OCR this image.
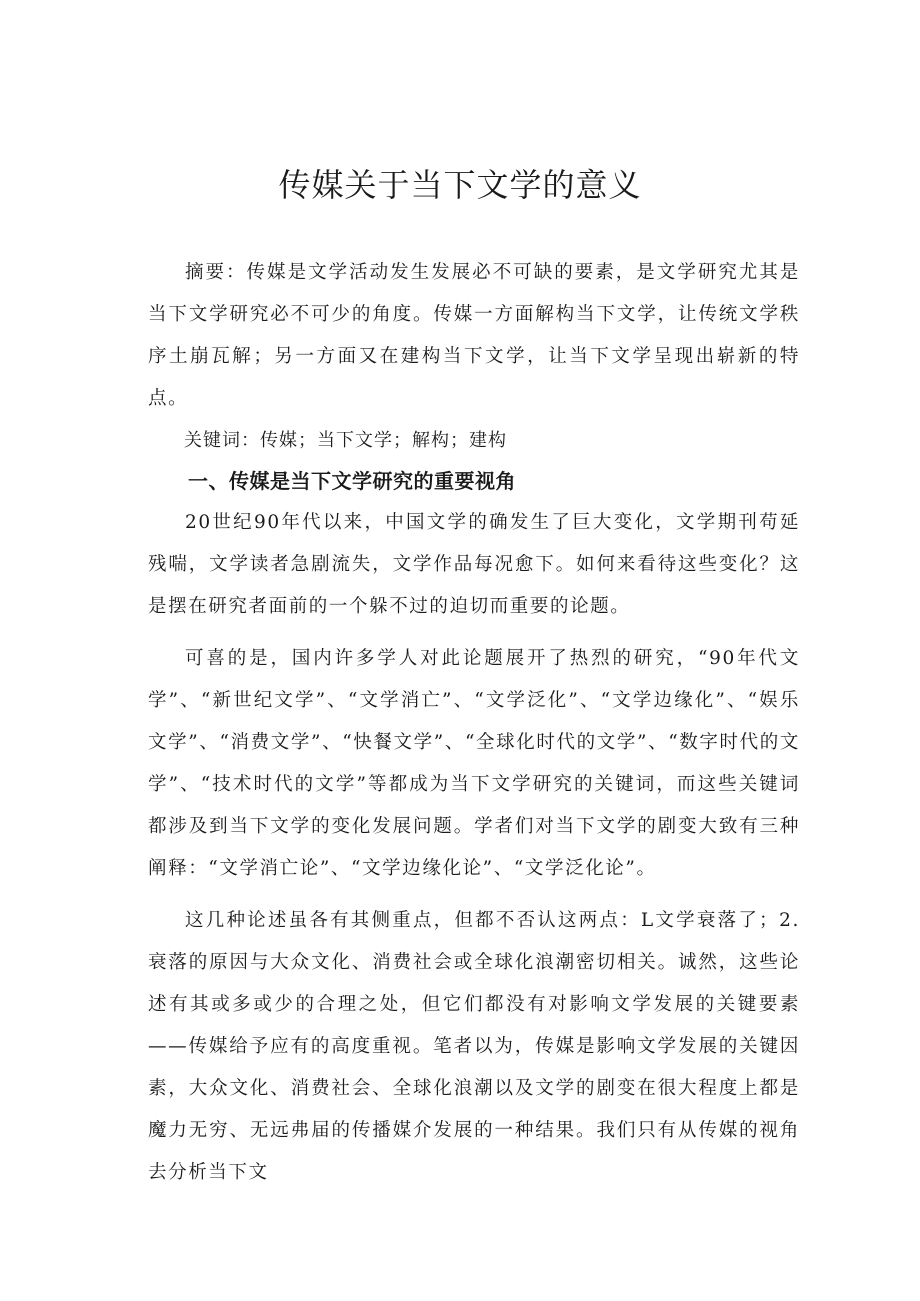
传媒关于当下文学的意义

摘要：传媒是文学活动发生发展必不可缺的要素，是文学研究尤其是当下文学研究必不可少的角度。传媒一方面解构当下文学，让传统文学秩序土崩瓦解；另一方面又在建构当下文学，让当下文学呈现出崭新的特点。

关键词：传媒；当下文学；解构；建构

一、传媒是当下文学研究的重要视角

20世纪90年代以来，中国文学的确发生了巨大变化，文学期刊苟延残喘，文学读者急剧流失，文学作品每况愈下。如何来看待这些变化？这是摆在研究者面前的一个躲不过的迫切而重要的论题。

可喜的是，国内许多学人对此论题展开了热烈的研究，“90年代文学”、“新世纪文学”、“文学消亡”、“文学泛化”、“文学边缘化”、“娱乐文学”、“消费文学”、“快餐文学”、“全球化时代的文学”、“数字时代的文学”、“技术时代的文学”等都成为当下文学研究的关键词，而这些关键词都涉及到当下文学的变化发展问题。学者们对当下文学的剧变大致有三种阐释：“文学消亡论”、“文学边缘化论”、“文学泛化论”。

这几种论述虽各有其侧重点，但都不否认这两点：L文学衰落了；2.衰落的原因与大众文化、消费社会或全球化浪潮密切相关。诚然，这些论述有其或多或少的合理之处，但它们都没有对影响文学发展的关键要素——传媒给予应有的高度重视。笔者以为，传媒是影响文学发展的关键因素，大众文化、消费社会、全球化浪潮以及文学的剧变在很大程度上都是魔力无穷、无远弗届的传播媒介发展的一种结果。我们只有从传媒的视角去分析当下文
